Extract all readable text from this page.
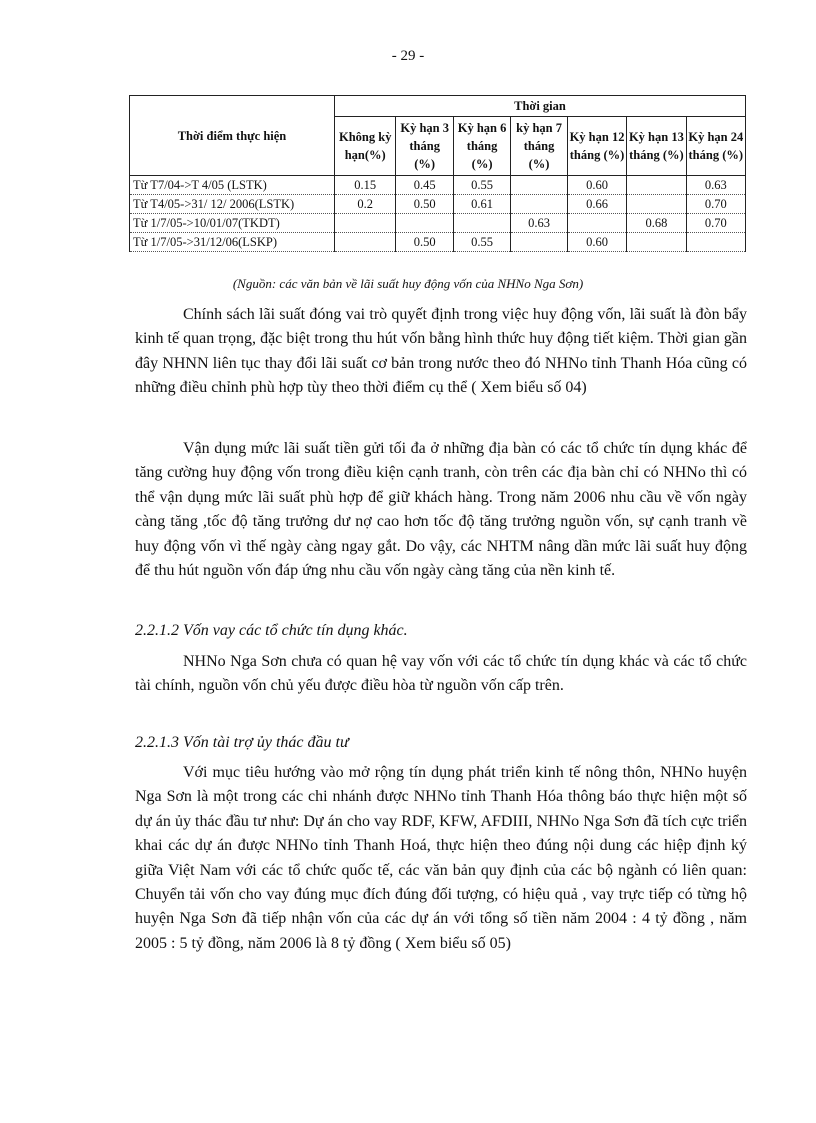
- 29 -
Thời điểm thực hiện	Thời gian						
	Không kỳ hạn(%)	Kỳ hạn 3 tháng (%)	Kỳ hạn 6 tháng (%)	kỳ hạn 7 tháng (%)	Kỳ hạn 12 tháng (%)	Kỳ hạn 13 tháng (%)	Kỳ hạn 24 tháng (%)
Từ T7/04->T 4/05 (LSTK)	0.15	0.45	0.55		0.60		0.63
Từ T4/05->31/ 12/ 2006(LSTK)	0.2	0.50	0.61		0.66		0.70
Từ 1/7/05->10/01/07(TKDT)				0.63		0.68	0.70
Từ 1/7/05->31/12/06(LSKP)		0.50	0.55		0.60		
(Nguồn: các văn bản về lãi suất huy động vốn của NHNo Nga Sơn)

Chính sách lãi suất đóng vai trò quyết định trong việc huy động vốn, lãi suất là đòn bẩy kinh tế quan trọng, đặc biệt trong thu hút vốn bằng hình thức huy động tiết kiệm. Thời gian gần đây NHNN liên tục thay đổi lãi suất cơ bản trong nước theo đó NHNo tỉnh Thanh Hóa cũng có những điều chỉnh phù hợp tùy theo thời điểm cụ thể ( Xem biểu số 04)

Vận dụng mức lãi suất tiền gửi tối đa ở những địa bàn có các tổ chức tín dụng khác để tăng cường huy động vốn trong điều kiện cạnh tranh, còn trên các địa bàn chỉ có NHNo thì có thể vận dụng mức lãi suất phù hợp để giữ khách hàng. Trong năm 2006 nhu cầu về vốn ngày càng tăng ,tốc độ tăng trưởng dư nợ cao hơn tốc độ tăng trưởng nguồn vốn, sự cạnh tranh về huy động vốn vì thế ngày càng ngay gắt. Do vậy, các NHTM nâng dần mức lãi suất huy động để thu hút nguồn vốn đáp ứng nhu cầu vốn ngày càng tăng của nền kinh tế.

2.2.1.2 Vốn vay các tổ chức tín dụng khác.

NHNo Nga Sơn chưa có quan hệ vay vốn với các tổ chức tín dụng khác và các tổ chức tài chính, nguồn vốn chủ yếu được điều hòa từ nguồn vốn cấp trên.

2.2.1.3 Vốn tài trợ ủy thác đầu tư

Với mục tiêu hướng vào mở rộng tín dụng phát triển kinh tế nông thôn, NHNo huyện Nga Sơn là một trong các chi nhánh được NHNo tỉnh Thanh Hóa thông báo thực hiện một số dự án ủy thác đầu tư như: Dự án cho vay RDF, KFW, AFDIII, NHNo Nga Sơn đã tích cực triển khai các dự án được NHNo tỉnh Thanh Hoá, thực hiện theo đúng nội dung các hiệp định ký giữa Việt Nam với các tổ chức quốc tế, các văn bản quy định của các bộ ngành có liên quan: Chuyển tải vốn cho vay đúng mục đích đúng đối tượng, có hiệu quả , vay trực tiếp có từng hộ huyện Nga Sơn đã tiếp nhận vốn của các dự án với tổng số tiền năm 2004 : 4 tỷ đồng , năm 2005 : 5 tỷ đồng, năm 2006 là 8 tỷ đồng ( Xem biểu số 05)
